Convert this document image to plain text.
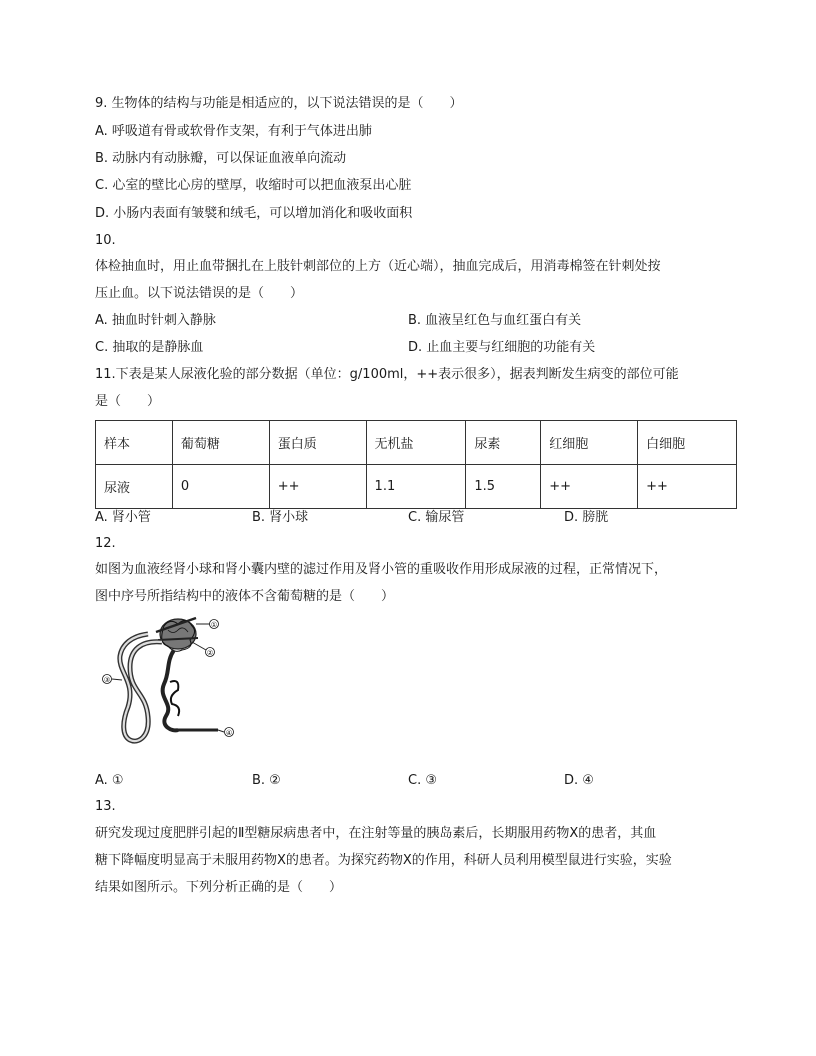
9. 生物体的结构与功能是相适应的，以下说法错误的是（　　）
A. 呼吸道有骨或软骨作支架，有利于气体进出肺
B. 动脉内有动脉瓣，可以保证血液单向流动
C. 心室的壁比心房的壁厚，收缩时可以把血液泵出心脏
D. 小肠内表面有皱襞和绒毛，可以增加消化和吸收面积
10.
体检抽血时，用止血带捆扎在上肢针刺部位的上方（近心端），抽血完成后，用消毒棉签在针刺处按
压止血。以下说法错误的是（　　）
A. 抽血时针刺入静脉	B. 血液呈红色与血红蛋白有关
C. 抽取的是静脉血	D. 止血主要与红细胞的功能有关
11.下表是某人尿液化验的部分数据（单位：g/100ml，++表示很多），据表判断发生病变的部位可能
是（　　）
样本	葡萄糖	蛋白质	无机盐	尿素	红细胞	白细胞
尿液	0	++	1.1	1.5	++	++
A. 肾小管	B. 肾小球	C. 输尿管	D. 膀胱
12.
如图为血液经肾小球和肾小囊内壁的滤过作用及肾小管的重吸收作用形成尿液的过程，正常情况下，
图中序号所指结构中的液体不含葡萄糖的是（　　）
①
②
③
④
A. ①	B. ②	C. ③	D. ④
13.
研究发现过度肥胖引起的Ⅱ型糖尿病患者中，在注射等量的胰岛素后，长期服用药物X的患者，其血
糖下降幅度明显高于未服用药物X的患者。为探究药物X的作用，科研人员利用模型鼠进行实验，实验
结果如图所示。下列分析正确的是（　　）
